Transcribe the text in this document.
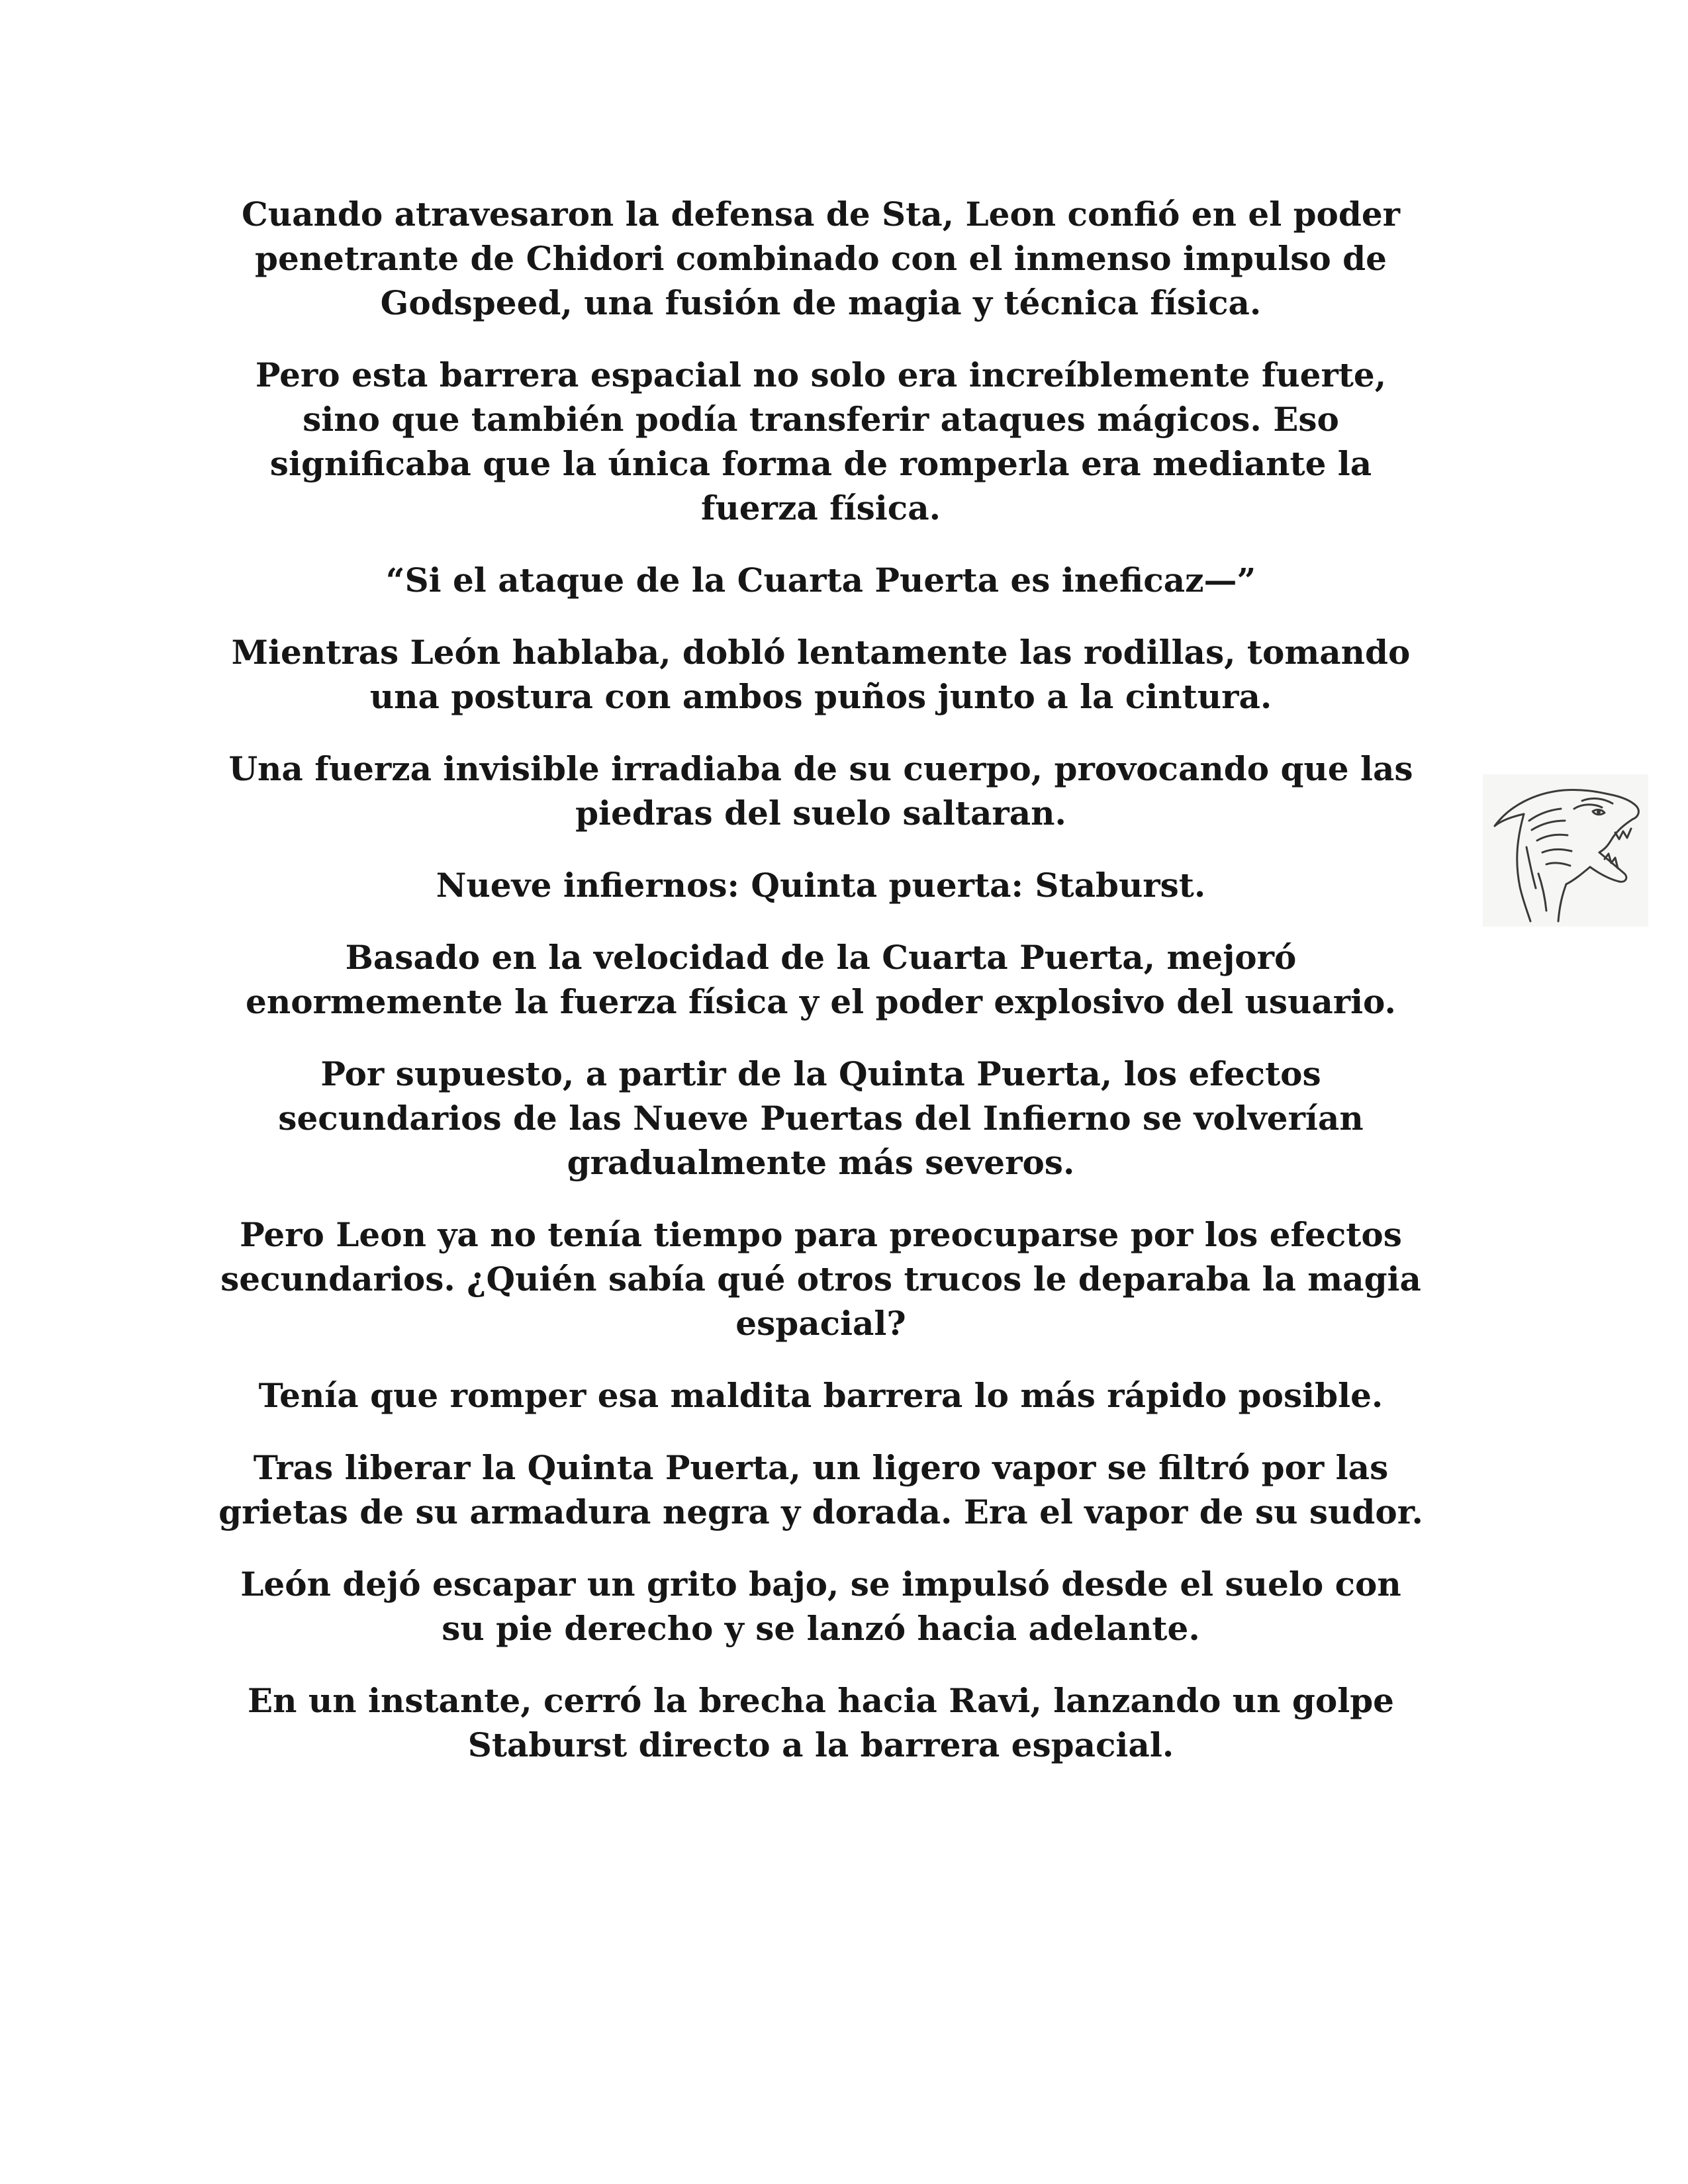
Cuando atravesaron la defensa de Sta, Leon confió en el poder penetrante de Chidori combinado con el inmenso impulso de Godspeed, una fusión de magia y técnica física.

Pero esta barrera espacial no solo era increíblemente fuerte, sino que también podía transferir ataques mágicos. Eso significaba que la única forma de romperla era mediante la fuerza física.

“Si el ataque de la Cuarta Puerta es ineficaz—”

Mientras León hablaba, dobló lentamente las rodillas, tomando una postura con ambos puños junto a la cintura.

Una fuerza invisible irradiaba de su cuerpo, provocando que las piedras del suelo saltaran.

Nueve infiernos: Quinta puerta: Staburst.

Basado en la velocidad de la Cuarta Puerta, mejoró enormemente la fuerza física y el poder explosivo del usuario.

Por supuesto, a partir de la Quinta Puerta, los efectos secundarios de las Nueve Puertas del Infierno se volverían gradualmente más severos.

Pero Leon ya no tenía tiempo para preocuparse por los efectos secundarios. ¿Quién sabía qué otros trucos le deparaba la magia espacial?

Tenía que romper esa maldita barrera lo más rápido posible.

Tras liberar la Quinta Puerta, un ligero vapor se filtró por las grietas de su armadura negra y dorada. Era el vapor de su sudor.

León dejó escapar un grito bajo, se impulsó desde el suelo con su pie derecho y se lanzó hacia adelante.

En un instante, cerró la brecha hacia Ravi, lanzando un golpe Staburst directo a la barrera espacial.
